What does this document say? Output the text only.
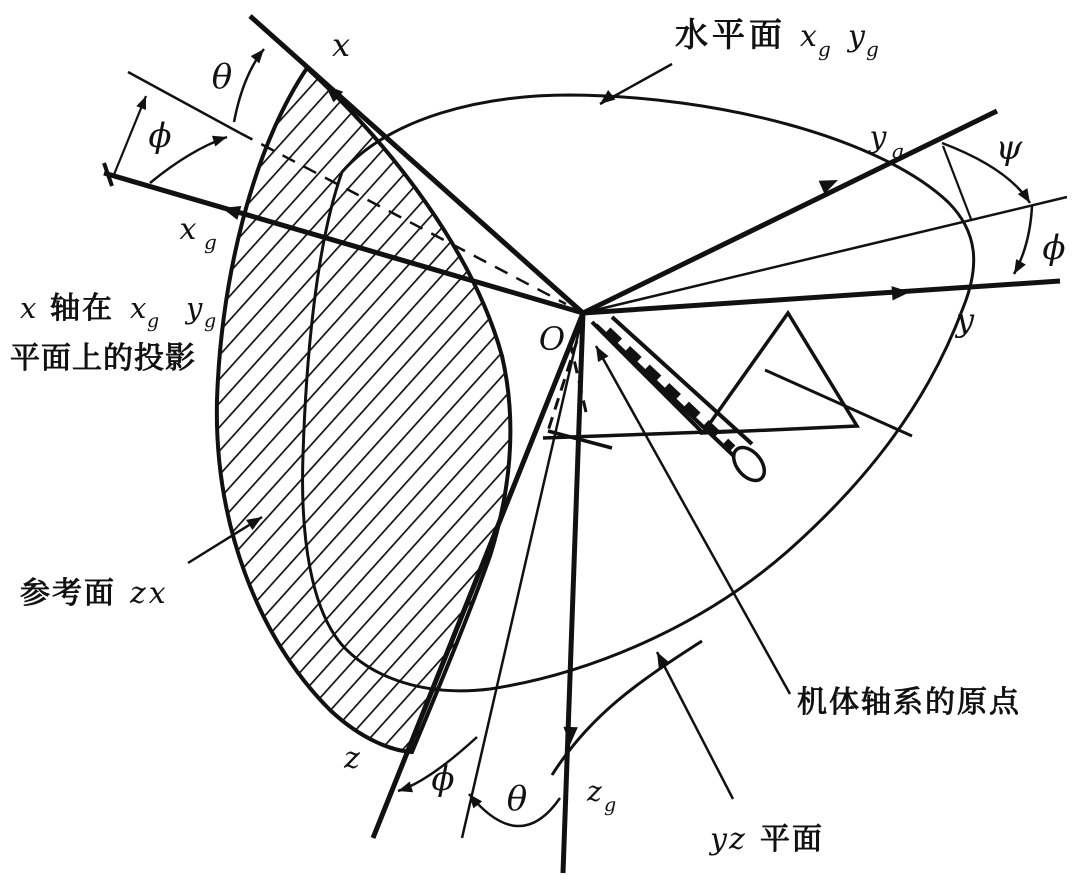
x
θ
ϕ
x g
水平面 x g y g
y g	ψ
ϕ
y
O
x 轴在 x g y g
平面上的投影
参考面 zx
机体轴系的原点
z
ϕ θ z g
yz 平面
